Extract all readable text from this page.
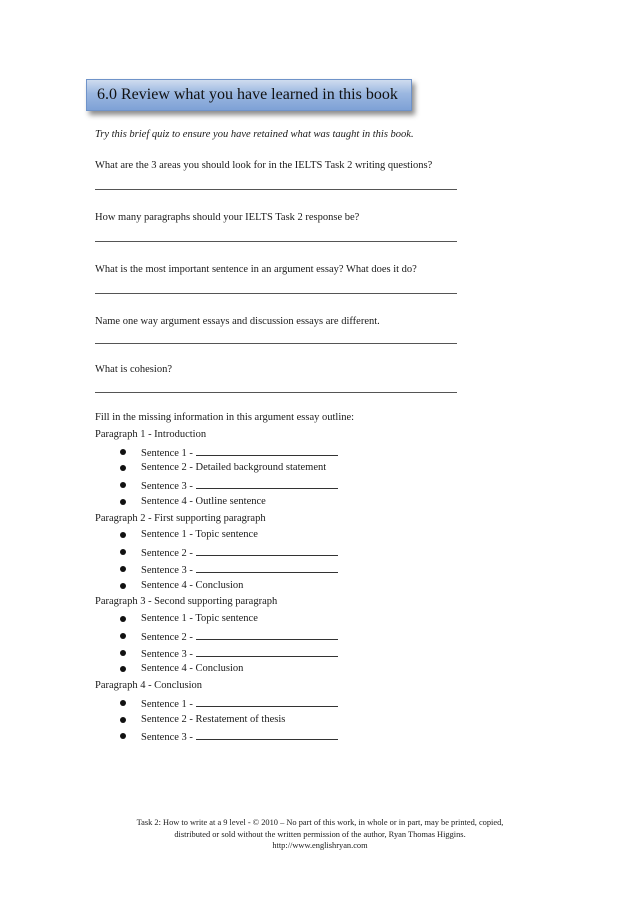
6.0 Review what you have learned in this book
Try this brief quiz to ensure you have retained what was taught in this book.
What are the 3 areas you should look for in the IELTS Task 2 writing questions?
How many paragraphs should your IELTS Task 2 response be?
What is the most important sentence in an argument essay? What does it do?
Name one way argument essays and discussion essays are different.
What is cohesion?
Fill in the missing information in this argument essay outline:
Paragraph 1 - Introduction
Sentence 1 -
Sentence 2 - Detailed background statement
Sentence 3 -
Sentence 4 - Outline sentence
Paragraph 2 - First supporting paragraph
Sentence 1 - Topic sentence
Sentence 2 -
Sentence 3 -
Sentence 4 - Conclusion
Paragraph 3 - Second supporting paragraph
Sentence 1 - Topic sentence
Sentence 2 -
Sentence 3 -
Sentence 4 - Conclusion
Paragraph 4 - Conclusion
Sentence 1 -
Sentence 2 - Restatement of thesis
Sentence 3 -
Task 2: How to write at a 9 level - © 2010 – No part of this work, in whole or in part, may be printed, copied,
distributed or sold without the written permission of the author, Ryan Thomas Higgins.
http://www.englishryan.com
